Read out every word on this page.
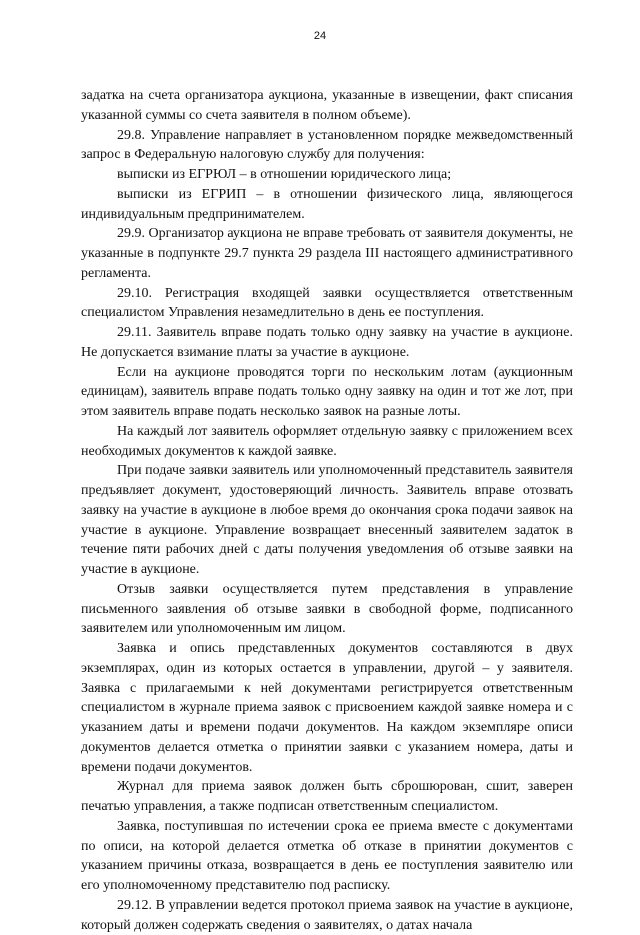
24

задатка на счета организатора аукциона, указанные в извещении, факт списания указанной суммы со счета заявителя в полном объеме).

29.8. Управление направляет в установленном порядке межведомственный запрос в Федеральную налоговую службу для получения:

выписки из ЕГРЮЛ – в отношении юридического лица;

выписки из ЕГРИП – в отношении физического лица, являющегося индивидуальным предпринимателем.

29.9. Организатор аукциона не вправе требовать от заявителя документы, не указанные в подпункте 29.7 пункта 29 раздела III настоящего административного регламента.

29.10. Регистрация входящей заявки осуществляется ответственным специалистом Управления незамедлительно в день ее поступления.

29.11. Заявитель вправе подать только одну заявку на участие в аукционе. Не допускается взимание платы за участие в аукционе.

Если на аукционе проводятся торги по нескольким лотам (аукционным единицам), заявитель вправе подать только одну заявку на один и тот же лот, при этом заявитель вправе подать несколько заявок на разные лоты.

На каждый лот заявитель оформляет отдельную заявку с приложением всех необходимых документов к каждой заявке.

При подаче заявки заявитель или уполномоченный представитель заявителя предъявляет документ, удостоверяющий личность. Заявитель вправе отозвать заявку на участие в аукционе в любое время до окончания срока подачи заявок на участие в аукционе. Управление возвращает внесенный заявителем задаток в течение пяти рабочих дней с даты получения уведомления об отзыве заявки на участие в аукционе.

Отзыв заявки осуществляется путем представления в управление письменного заявления об отзыве заявки в свободной форме, подписанного заявителем или уполномоченным им лицом.

Заявка и опись представленных документов составляются в двух экземплярах, один из которых остается в управлении, другой – у заявителя. Заявка с прилагаемыми к ней документами регистрируется ответственным специалистом в журнале приема заявок с присвоением каждой заявке номера и с указанием даты и времени подачи документов. На каждом экземпляре описи документов делается отметка о принятии заявки с указанием номера, даты и времени подачи документов.

Журнал для приема заявок должен быть сброшюрован, сшит, заверен печатью управления, а также подписан ответственным специалистом.

Заявка, поступившая по истечении срока ее приема вместе с документами по описи, на которой делается отметка об отказе в принятии документов с указанием причины отказа, возвращается в день ее поступления заявителю или его уполномоченному представителю под расписку.

29.12. В управлении ведется протокол приема заявок на участие в аукционе, который должен содержать сведения о заявителях, о датах начала
